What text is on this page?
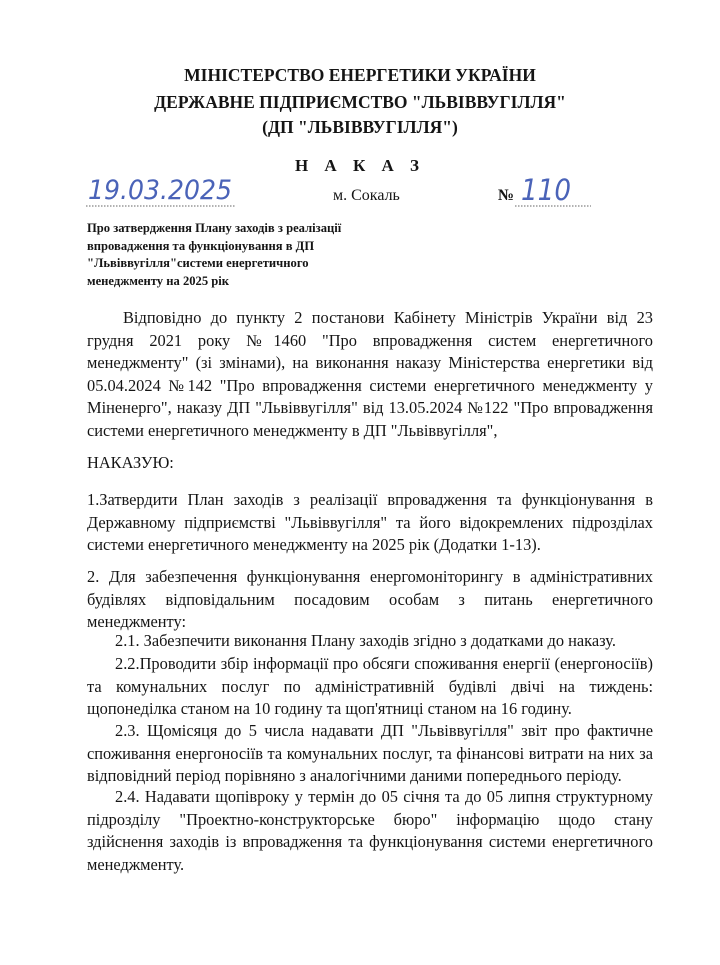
МІНІСТЕРСТВО ЕНЕРГЕТИКИ УКРАЇНИ

ДЕРЖАВНЕ ПІДПРИЄМСТВО "ЛЬВІВВУГІЛЛЯ"

(ДП "ЛЬВІВВУГІЛЛЯ")

Н А К А З

19.03.2025	м. Сокаль	№ 110

Про затвердження Плану заходів з реалізації
впровадження та функціонування в ДП
"Львіввугілля"системи енергетичного
менеджменту на 2025 рік

Відповідно до пункту 2 постанови Кабінету Міністрів України від 23 грудня 2021 року №1460 "Про впровадження систем енергетичного менеджменту" (зі змінами), на виконання наказу Міністерства енергетики від 05.04.2024 №142 "Про впровадження системи енергетичного менеджменту у Міненерго", наказу ДП "Львіввугілля" від 13.05.2024 №122 "Про впровадження системи енергетичного менеджменту в ДП "Львіввугілля",

НАКАЗУЮ:

1.Затвердити План заходів з реалізації впровадження та функціонування в Державному підприємстві "Львіввугілля" та його відокремлених підрозділах системи енергетичного менеджменту на 2025 рік (Додатки 1-13).

2. Для забезпечення функціонування енергомоніторингу в адміністративних будівлях відповідальним посадовим особам з питань енергетичного менеджменту:

2.1. Забезпечити виконання Плану заходів згідно з додатками до наказу.

2.2.Проводити збір інформації про обсяги споживання енергії (енергоносіїв) та комунальних послуг по адміністративній будівлі двічі на тиждень: щопонеділка станом на 10 годину та щоп'ятниці станом на 16 годину.

2.3. Щомісяця до 5 числа надавати ДП "Львіввугілля" звіт про фактичне споживання енергоносіїв та комунальних послуг, та фінансові витрати на них за відповідний період порівняно з аналогічними даними попереднього періоду.

2.4. Надавати щопівроку у термін до 05 січня та до 05 липня структурному підрозділу "Проектно-конструкторське бюро" інформацію щодо стану здійснення заходів із впровадження та функціонування системи енергетичного менеджменту.
